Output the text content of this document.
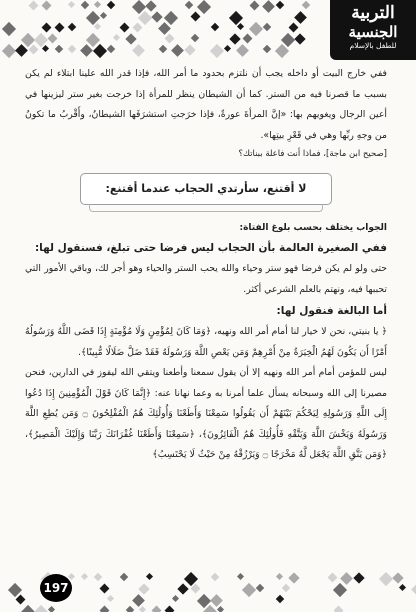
التربية
الجنسية
للطفل بالإسلام

ففي خارج البيت أو داخله يجب أن نلتزم بحدود ما أمر الله، فإذا قدر الله علينا ابتلاء لم يكن بسبب ما قصرنا فيه من الستر. كما أن الشيطان ينظر للمرأة إذا خرجت بغير ستر ليزينها في أعين الرجال ويغويهم بها: «إنَّ المرأةَ عورةٌ، فإذا خرَجتِ استشرَفَها الشيطانُ، وأَقْربُ ما تكونُ من وجهِ ربِّها وهي في قَعْرِ بيتِها».

[صحيح ابن ماجة]، فماذا أنت فاعلة ببناتك؟

لا أقتنع، سأرتدي الحجاب عندما أقتنع:

الجواب يختلف بحسب بلوغ الفتاة:

ففي الصغيرة العالمة بأن الحجاب ليس فرضا حتى تبلغ، فسنقول لها:

حتى ولو لم يكن فرضا فهو ستر وحياء والله يحب الستر والحياء وهو أجر لك، وباقي الأمور التي تحببها فيه، ونهتم بالعلم الشرعي أكثر.

أما البالغة فنقول لها:

﴿ يا بنيتي، نحن لا خيار لنا أمام أمر الله ونهيه، ﴿وَمَا كَانَ لِمُؤْمِنٍ وَلَا مُؤْمِنَةٍ إِذَا قَضَى اللَّهُ وَرَسُولُهُ أَمْرًا أَن يَكُونَ لَهُمُ الْخِيَرَةُ مِنْ أَمْرِهِمْ وَمَن يَعْصِ اللَّهَ وَرَسُولَهُ فَقَدْ ضَلَّ ضَلَالًا مُّبِينًا﴾.

ليس للمؤمن أمام أمر الله ونهيه إلا أن يقول سمعنا وأطعنا ويتقي الله ليفوز في الدارين، فنحن مصيرنا إلى الله وسبحانه يسأل علما أمرنا به وعما نهانا عنه: ﴿إِنَّمَا كَانَ قَوْلَ الْمُؤْمِنِينَ إِذَا دُعُوا إِلَى اللَّهِ وَرَسُولِهِ لِيَحْكُمَ بَيْنَهُمْ أَن يَقُولُوا سَمِعْنَا وَأَطَعْنَا وَأُولَٰئِكَ هُمُ الْمُفْلِحُونَ ۝ وَمَن يُطِعِ اللَّهَ وَرَسُولَهُ وَيَخْشَ اللَّهَ وَيَتَّقْهِ فَأُولَٰئِكَ هُمُ الْفَائِزُونَ﴾، ﴿سَمِعْنَا وَأَطَعْنَا غُفْرَانَكَ رَبَّنَا وَإِلَيْكَ الْمَصِيرُ﴾، ﴿وَمَن يَتَّقِ اللَّهَ يَجْعَل لَّهُ مَخْرَجًا ۝ وَيَرْزُقْهُ مِنْ حَيْثُ لَا يَحْتَسِبُ﴾

197
